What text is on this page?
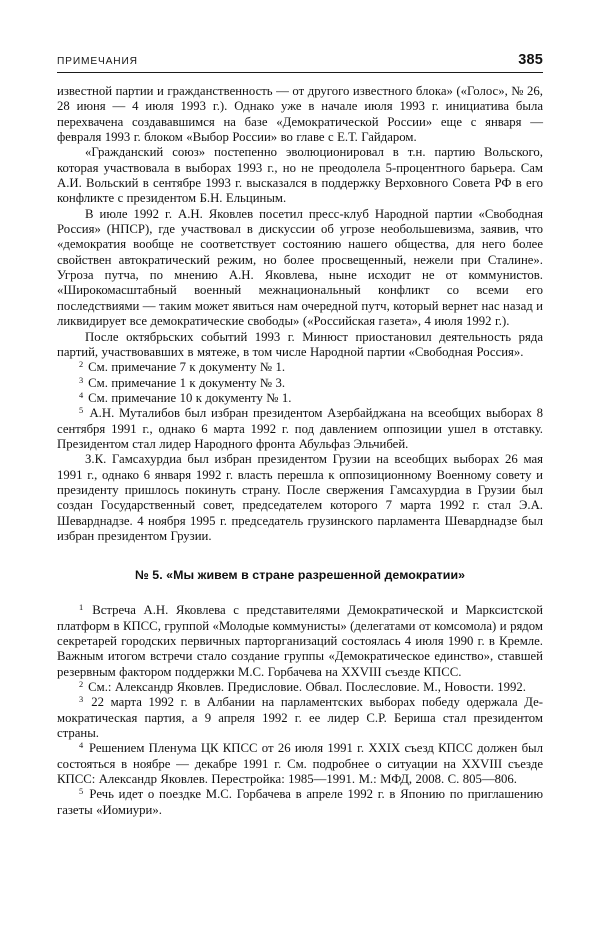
ПРИМЕЧАНИЯ	385

известной партии и гражданственность — от другого известного блока» («Голос», № 26, 28 июня — 4 июля 1993 г.). Однако уже в начале июля 1993 г. инициатива была перехвачена создававшимся на базе «Демократической России» еще с января — февраля 1993 г. блоком «Выбор России» во главе с Е.Т. Гайдаром.

«Гражданский союз» постепенно эволюционировал в т.н. партию Вольского, которая участвовала в выборах 1993 г., но не преодолела 5-процентного барьера. Сам А.И. Вольский в сентябре 1993 г. высказался в поддержку Верховного Совета РФ в его конфликте с президентом Б.Н. Ельциным.

В июле 1992 г. А.Н. Яковлев посетил пресс-клуб Народной партии «Свободная Россия» (НПСР), где участвовал в дискуссии об угрозе необольшевизма, заявив, что «демократия вообще не соответствует состоянию нашего общества, для него более свойствен автократический режим, но более просвещенный, нежели при Сталине». Угроза путча, по мнению А.Н. Яковлева, ныне исходит не от коммунистов. «Широкомасштабный военный межнациональный конфликт со всеми его последствиями — таким может явиться нам очередной путч, который вернет нас назад и ликвидирует все демократические свободы» («Российская газета», 4 июля 1992 г.).

После октябрьских событий 1993 г. Минюст приостановил деятельность ряда партий, участвовавших в мятеже, в том числе Народной партии «Свободная Россия».

$^2$ См. примечание 7 к документу № 1.

$^3$ См. примечание 1 к документу № 3.

$^4$ См. примечание 10 к документу № 1.

$^5$ А.Н. Муталибов был избран президентом Азербайджана на всеобщих выборах 8 сентября 1991 г., однако 6 марта 1992 г. под давлением оппозиции ушел в отставку. Президентом стал лидер Народного фронта Абульфаз Эльчибей.

З.К. Гамсахурдиа был избран президентом Грузии на всеобщих выборах 26 мая 1991 г., однако 6 января 1992 г. власть перешла к оппозиционному Военному совету и президенту пришлось покинуть страну. После свержения Гамсахурдиа в Грузии был создан Государственный совет, председателем которого 7 марта 1992 г. стал Э.А. Шеварднадзе. 4 ноября 1995 г. председатель грузинского парламента Шеварднадзе был избран президентом Грузии.

№ 5. «Мы живем в стране разрешенной демократии»

$^1$ Встреча А.Н. Яковлева с представителями Демократической и Марксистской платформ в КПСС, группой «Молодые коммунисты» (делегатами от комсомола) и рядом секретарей городских первичных парторганизаций состоялась 4 июля 1990 г. в Кремле. Важным итогом встречи стало создание группы «Демократическое единство», ставшей резервным фактором поддержки М.С. Горбачева на XXVIII съезде КПСС.

$^2$ См.: Александр Яковлев. Предисловие. Обвал. Послесловие. М., Новости. 1992.

$^3$ 22 марта 1992 г. в Албании на парламентских выборах победу одержала Демократическая партия, а 9 апреля 1992 г. ее лидер С.Р. Бериша стал президентом страны.

$^4$ Решением Пленума ЦК КПСС от 26 июля 1991 г. XXIX съезд КПСС должен был состояться в ноябре — декабре 1991 г. См. подробнее о ситуации на XXVIII съезде КПСС: Александр Яковлев. Перестройка: 1985—1991. М.: МФД, 2008. С. 805—806.

$^5$ Речь идет о поездке М.С. Горбачева в апреле 1992 г. в Японию по приглашению газеты «Иомиури».
